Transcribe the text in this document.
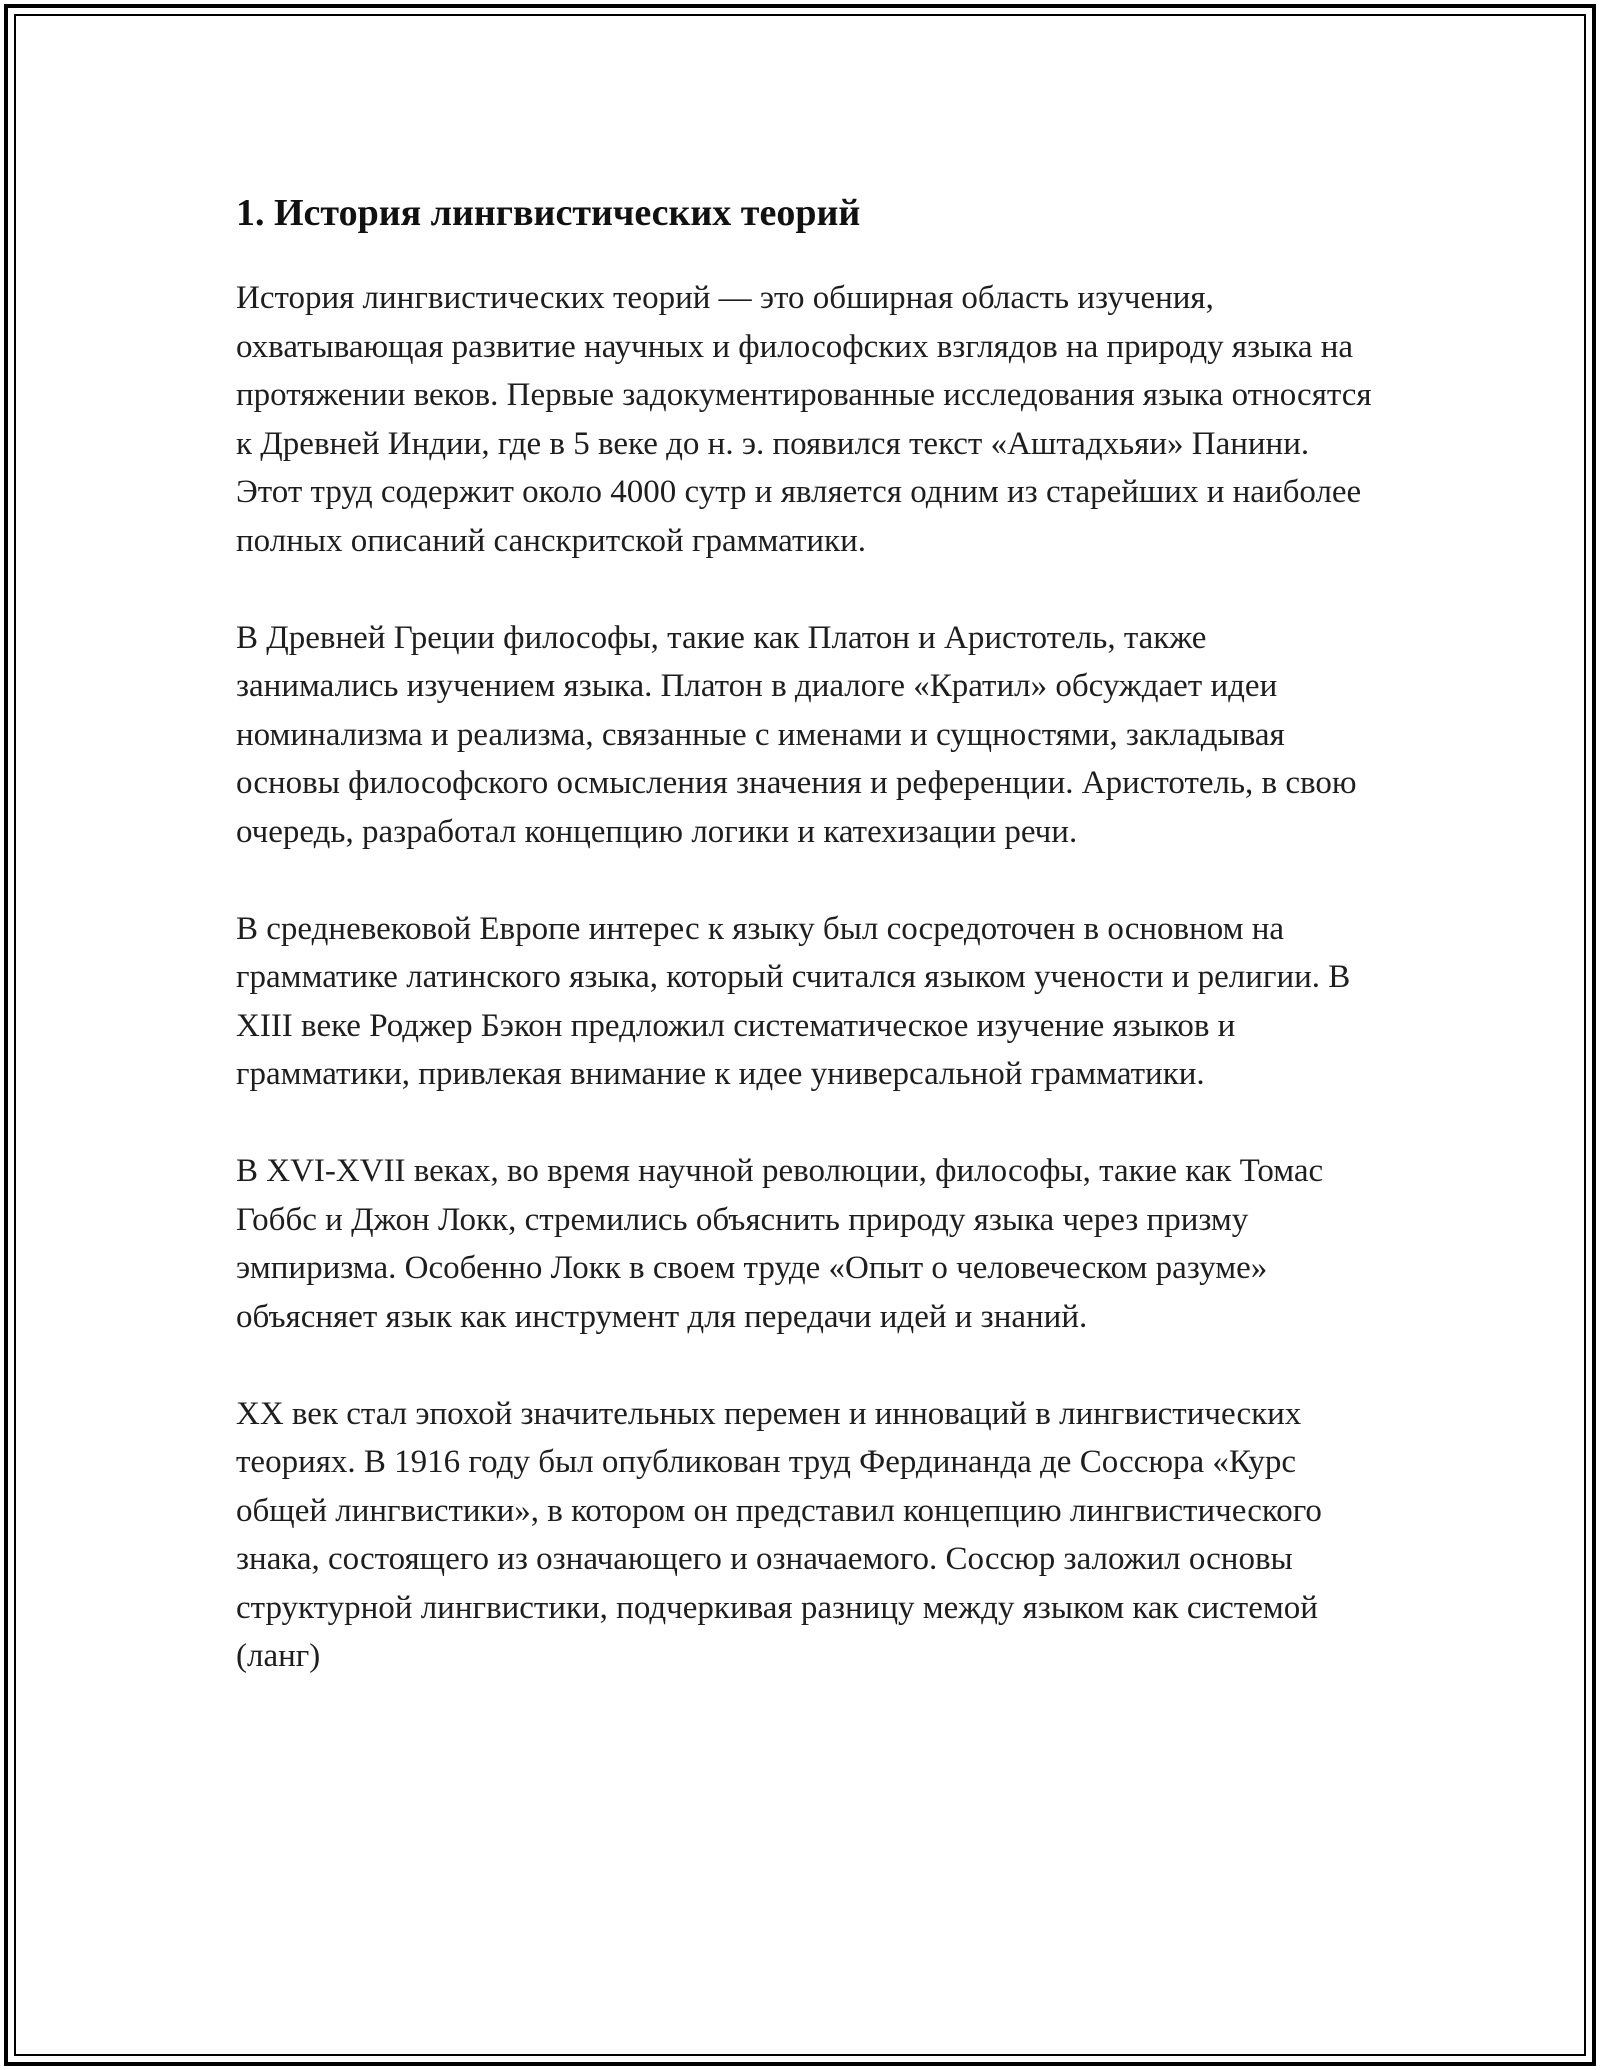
1. История лингвистических теорий

История лингвистических теорий — это обширная область изучения, охватывающая развитие научных и философских взглядов на природу языка на протяжении веков. Первые задокументированные исследования языка относятся к Древней Индии, где в 5 веке до н. э. появился текст «Аштадхьяи» Панини. Этот труд содержит около 4000 сутр и является одним из старейших и наиболее полных описаний санскритской грамматики.

В Древней Греции философы, такие как Платон и Аристотель, также занимались изучением языка. Платон в диалоге «Кратил» обсуждает идеи номинализма и реализма, связанные с именами и сущностями, закладывая основы философского осмысления значения и референции. Аристотель, в свою очередь, разработал концепцию логики и катехизации речи.

В средневековой Европе интерес к языку был сосредоточен в основном на грамматике латинского языка, который считался языком учености и религии. В XIII веке Роджер Бэкон предложил систематическое изучение языков и грамматики, привлекая внимание к идее универсальной грамматики.

В XVI-XVII веках, во время научной революции, философы, такие как Томас Гоббс и Джон Локк, стремились объяснить природу языка через призму эмпиризма. Особенно Локк в своем труде «Опыт о человеческом разуме» объясняет язык как инструмент для передачи идей и знаний.

XX век стал эпохой значительных перемен и инноваций в лингвистических теориях. В 1916 году был опубликован труд Фердинанда де Соссюра «Курс общей лингвистики», в котором он представил концепцию лингвистического знака, состоящего из означающего и означаемого. Соссюр заложил основы структурной лингвистики, подчеркивая разницу между языком как системой (ланг)
